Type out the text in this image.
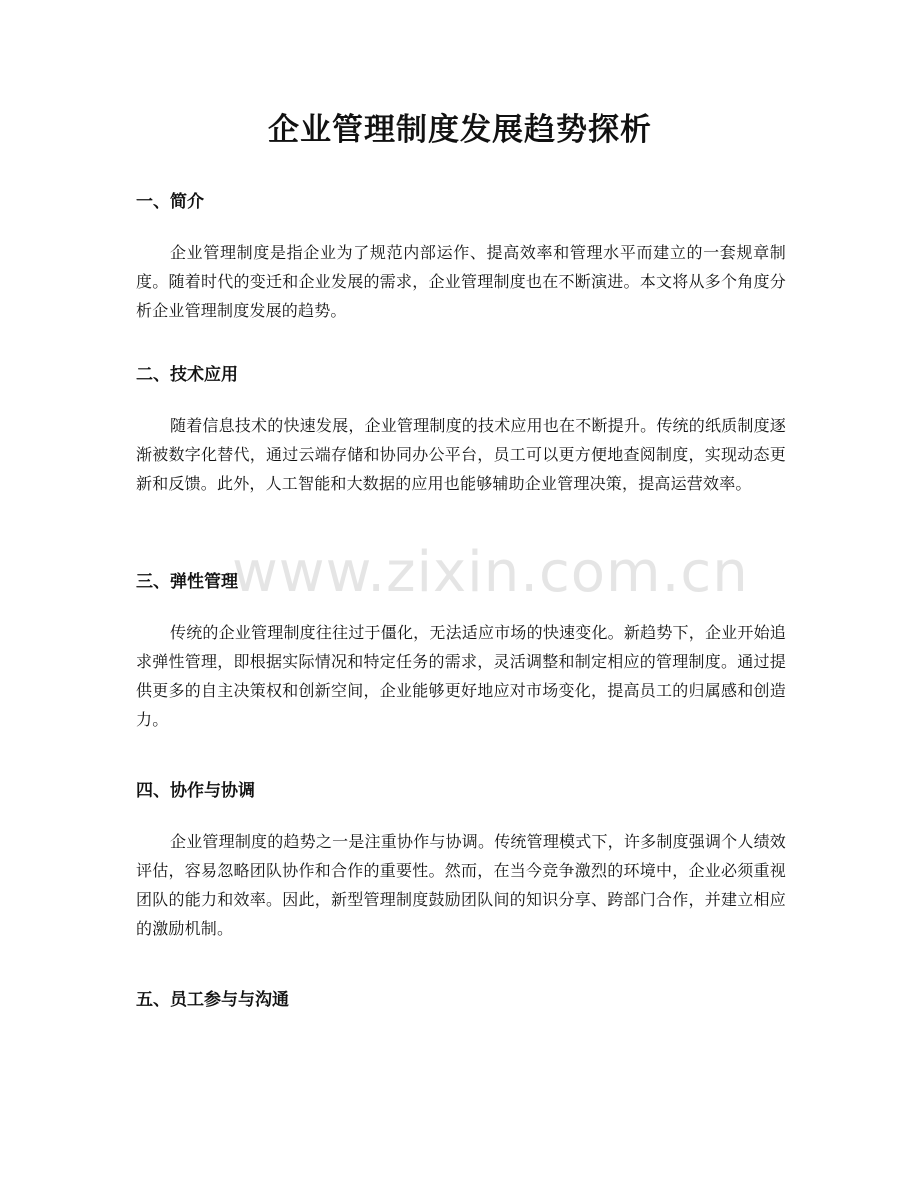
企业管理制度发展趋势探析
一、简介

企业管理制度是指企业为了规范内部运作、提高效率和管理水平而建立的一套规章制度。随着时代的变迁和企业发展的需求，企业管理制度也在不断演进。本文将从多个角度分析企业管理制度发展的趋势。

二、技术应用

随着信息技术的快速发展，企业管理制度的技术应用也在不断提升。传统的纸质制度逐渐被数字化替代，通过云端存储和协同办公平台，员工可以更方便地查阅制度，实现动态更新和反馈。此外，人工智能和大数据的应用也能够辅助企业管理决策，提高运营效率。

三、弹性管理

传统的企业管理制度往往过于僵化，无法适应市场的快速变化。新趋势下，企业开始追求弹性管理，即根据实际情况和特定任务的需求，灵活调整和制定相应的管理制度。通过提供更多的自主决策权和创新空间，企业能够更好地应对市场变化，提高员工的归属感和创造力。

四、协作与协调

企业管理制度的趋势之一是注重协作与协调。传统管理模式下，许多制度强调个人绩效评估，容易忽略团队协作和合作的重要性。然而，在当今竞争激烈的环境中，企业必须重视团队的能力和效率。因此，新型管理制度鼓励团队间的知识分享、跨部门合作，并建立相应的激励机制。

五、员工参与与沟通
www.zixin.com.cn
